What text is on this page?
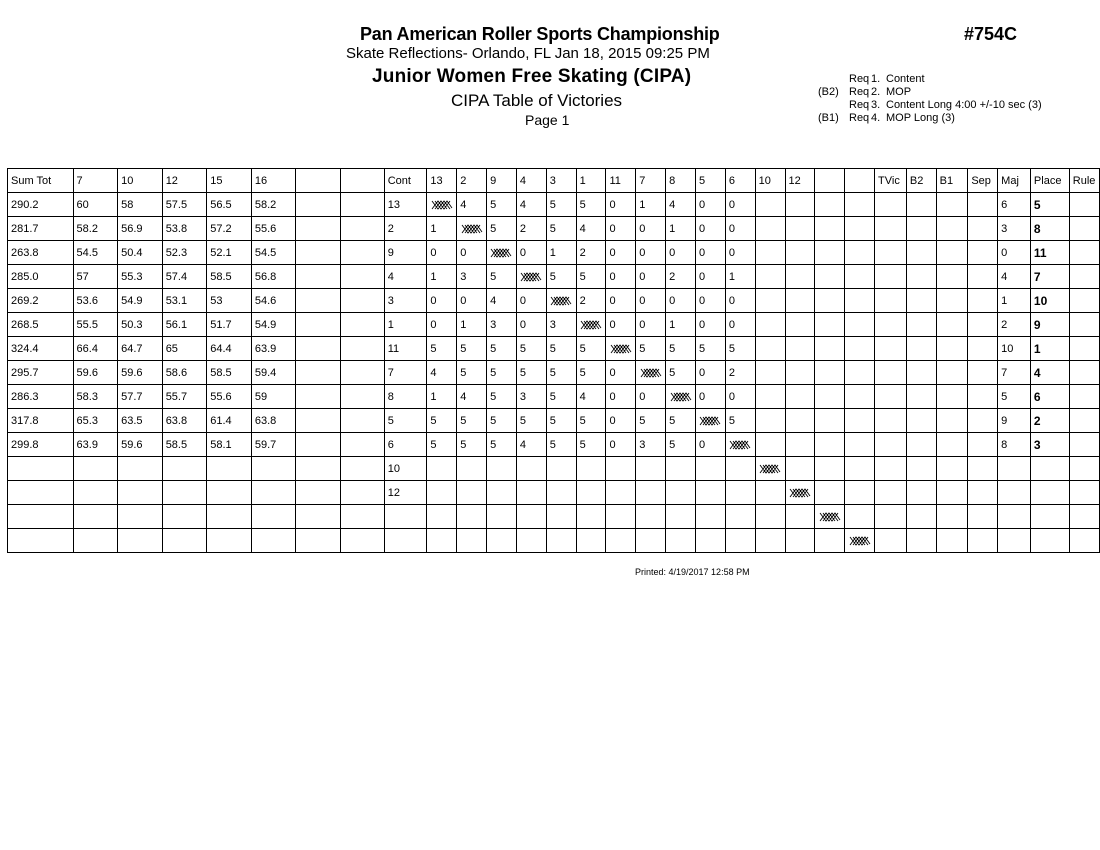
Pan American Roller Sports Championship	#754C
Skate Reflections- Orlando, FL Jan 18, 2015 09:25 PM
Junior Women Free Skating (CIPA)
CIPA Table of Victories
Page 1
Req 1. Content
(B2) Req 2. MOP
Req 3. Content Long 4:00 +/-10 sec (3)
(B1) Req 4. MOP Long (3)
Sum Tot	7	10	12	15	16			Cont	13	2	9	4	3	1	11	7	8	5	6	10	12			TVic	B2	B1	Sep	Maj	Place	Rule
290.2	60	58	57.5	56.5	58.2			13		4	5	4	5	5	0	1	4	0	0									6	5	
281.7	58.2	56.9	53.8	57.2	55.6			2	1		5	2	5	4	0	0	1	0	0									3	8	
263.8	54.5	50.4	52.3	52.1	54.5			9	0	0		0	1	2	0	0	0	0	0									0	11	
285.0	57	55.3	57.4	58.5	56.8			4	1	3	5		5	5	0	0	2	0	1									4	7	
269.2	53.6	54.9	53.1	53	54.6			3	0	0	4	0		2	0	0	0	0	0									1	10	
268.5	55.5	50.3	56.1	51.7	54.9			1	0	1	3	0	3		0	0	1	0	0									2	9	
324.4	66.4	64.7	65	64.4	63.9			11	5	5	5	5	5	5		5	5	5	5									10	1	
295.7	59.6	59.6	58.6	58.5	59.4			7	4	5	5	5	5	5	0		5	0	2									7	4	
286.3	58.3	57.7	55.7	55.6	59			8	1	4	5	3	5	4	0	0		0	0									5	6	
317.8	65.3	63.5	63.8	61.4	63.8			5	5	5	5	5	5	5	0	5	5		5									9	2	
299.8	63.9	59.6	58.5	58.1	59.7			6	5	5	5	4	5	5	0	3	5	0										8	3	
								10												

								12													

Printed: 4/19/2017 12:58 PM
